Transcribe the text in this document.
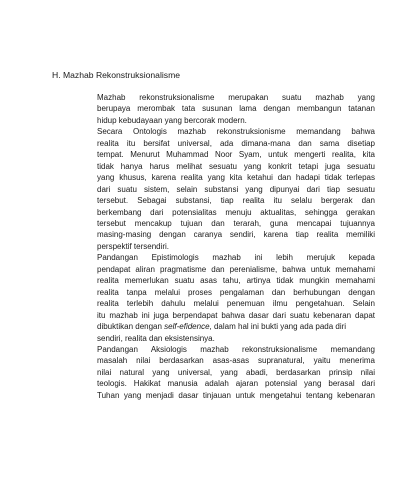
H. Mazhab Rekonstruksionalisme

Mazhab rekonstruksionalisme merupakan suatu mazhab yang
berupaya merombak tata susunan lama dengan membangun tatanan
hidup kebudayaan yang bercorak modern.

Secara Ontologis mazhab rekonstruksionisme memandang bahwa
realita itu bersifat universal, ada dimana-mana dan sama disetiap
tempat. Menurut Muhammad Noor Syam, untuk mengerti realita, kita
tidak hanya harus melihat sesuatu yang konkrit tetapi juga sesuatu
yang khusus, karena realita yang kita ketahui dan hadapi tidak terlepas
dari suatu sistem, selain substansi yang dipunyai dari tiap sesuatu
tersebut. Sebagai substansi, tiap realita itu selalu bergerak dan
berkembang dari potensialitas menuju aktualitas, sehingga gerakan
tersebut mencakup tujuan dan terarah, guna mencapai tujuannya
masing-masing dengan caranya sendiri, karena tiap realita memiliki
perspektif tersendiri.

Pandangan Epistimologis mazhab ini lebih merujuk kepada
pendapat aliran pragmatisme dan perenialisme, bahwa untuk memahami
realita memerlukan suatu asas tahu, artinya tidak mungkin memahami
realita tanpa melalui proses pengalaman dan berhubungan dengan
realita terlebih dahulu melalui penemuan ilmu pengetahuan. Selain
itu mazhab ini juga berpendapat bahwa dasar dari suatu kebenaran dapat
dibuktikan dengan self-efidence, dalam hal ini bukti yang ada pada diri
sendiri, realita dan eksistensinya.

Pandangan Aksiologis mazhab rekonstruksionalisme memandang
masalah nilai berdasarkan asas-asas supranatural, yaitu menerima
nilai natural yang universal, yang abadi, berdasarkan prinsip nilai
teologis. Hakikat manusia adalah ajaran potensial yang berasal dari
Tuhan yang menjadi dasar tinjauan untuk mengetahui tentang kebenaran
